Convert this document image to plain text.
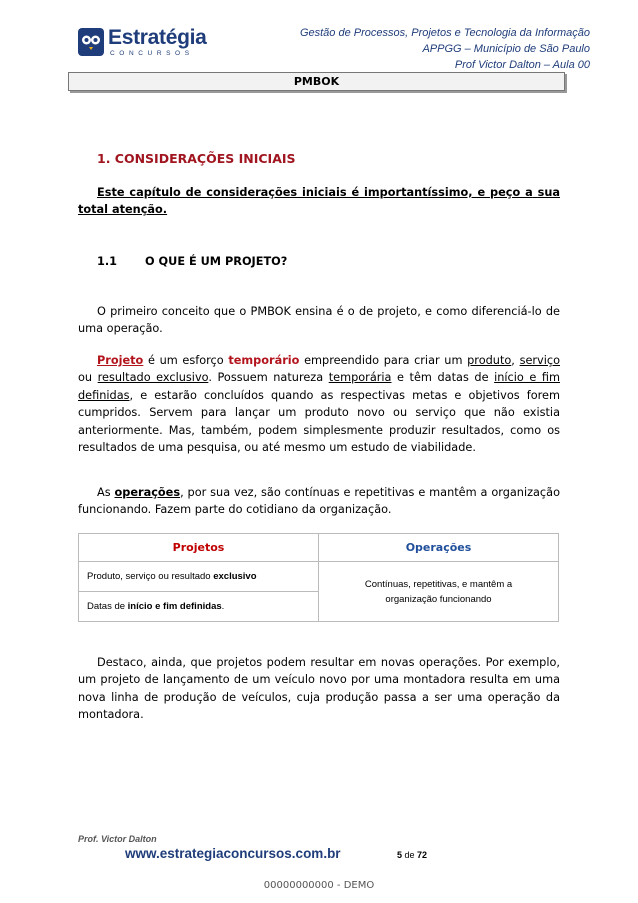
Estratégia
CONCURSOS
Gestão de Processos, Projetos e Tecnologia da Informação
APPGG – Município de São Paulo
Prof Victor Dalton – Aula 00
PMBOK
1. CONSIDERAÇÕES INICIAIS
Este capítulo de considerações iniciais é importantíssimo, e peço a sua total atenção.
1.1 O QUE É UM PROJETO?
O primeiro conceito que o PMBOK ensina é o de projeto, e como diferenciá-lo de uma operação.
Projeto é um esforço temporário empreendido para criar um produto, serviço ou resultado exclusivo. Possuem natureza temporária e têm datas de início e fim definidas, e estarão concluídos quando as respectivas metas e objetivos forem cumpridos. Servem para lançar um produto novo ou serviço que não existia anteriormente. Mas, também, podem simplesmente produzir resultados, como os resultados de uma pesquisa, ou até mesmo um estudo de viabilidade.
As operações, por sua vez, são contínuas e repetitivas e mantêm a organização funcionando. Fazem parte do cotidiano da organização.
Projetos	Operações
Produto, serviço ou resultado exclusivo	Contínuas, repetitivas, e mantêm a organização funcionando
Datas de início e fim definidas.	
Destaco, ainda, que projetos podem resultar em novas operações. Por exemplo, um projeto de lançamento de um veículo novo por uma montadora resulta em uma nova linha de produção de veículos, cuja produção passa a ser uma operação da montadora.
Prof. Victor Dalton
www.estrategiaconcursos.com.br	5 de 72
00000000000 - DEMO
